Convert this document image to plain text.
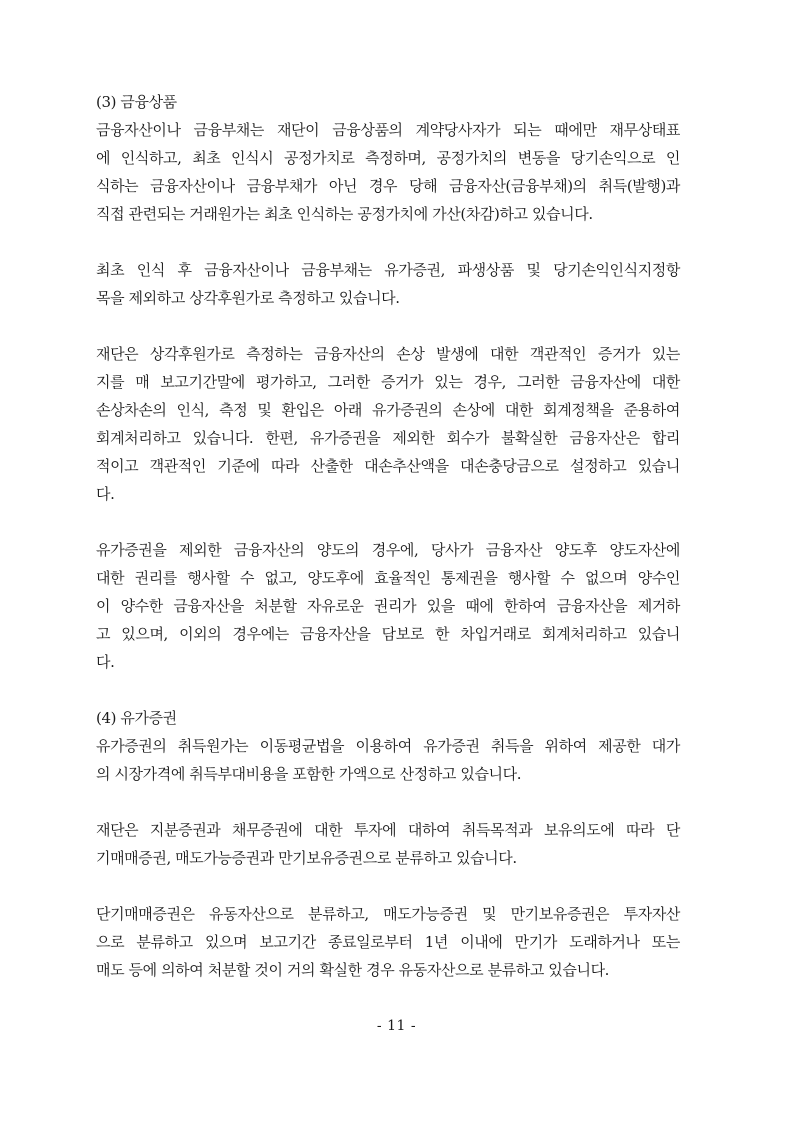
(3) 금융상품
금융자산이나 금융부채는 재단이 금융상품의 계약당사자가 되는 때에만 재무상태표
에 인식하고, 최초 인식시 공정가치로 측정하며, 공정가치의 변동을 당기손익으로 인
식하는 금융자산이나 금융부채가 아닌 경우 당해 금융자산(금융부채)의 취득(발행)과
직접 관련되는 거래원가는 최초 인식하는 공정가치에 가산(차감)하고 있습니다.
최초 인식 후 금융자산이나 금융부채는 유가증권, 파생상품 및 당기손익인식지정항
목을 제외하고 상각후원가로 측정하고 있습니다.
재단은 상각후원가로 측정하는 금융자산의 손상 발생에 대한 객관적인 증거가 있는
지를 매 보고기간말에 평가하고, 그러한 증거가 있는 경우, 그러한 금융자산에 대한
손상차손의 인식, 측정 및 환입은 아래 유가증권의 손상에 대한 회계정책을 준용하여
회계처리하고 있습니다. 한편, 유가증권을 제외한 회수가 불확실한 금융자산은 합리
적이고 객관적인 기준에 따라 산출한 대손추산액을 대손충당금으로 설정하고 있습니
다.
유가증권을 제외한 금융자산의 양도의 경우에, 당사가 금융자산 양도후 양도자산에
대한 권리를 행사할 수 없고, 양도후에 효율적인 통제권을 행사할 수 없으며 양수인
이 양수한 금융자산을 처분할 자유로운 권리가 있을 때에 한하여 금융자산을 제거하
고 있으며, 이외의 경우에는 금융자산을 담보로 한 차입거래로 회계처리하고 있습니
다.
(4) 유가증권
유가증권의 취득원가는 이동평균법을 이용하여 유가증권 취득을 위하여 제공한 대가
의 시장가격에 취득부대비용을 포함한 가액으로 산정하고 있습니다.
재단은 지분증권과 채무증권에 대한 투자에 대하여 취득목적과 보유의도에 따라 단
기매매증권, 매도가능증권과 만기보유증권으로 분류하고 있습니다.
단기매매증권은 유동자산으로 분류하고, 매도가능증권 및 만기보유증권은 투자자산
으로 분류하고 있으며 보고기간 종료일로부터 1년 이내에 만기가 도래하거나 또는
매도 등에 의하여 처분할 것이 거의 확실한 경우 유동자산으로 분류하고 있습니다.
- 11 -
